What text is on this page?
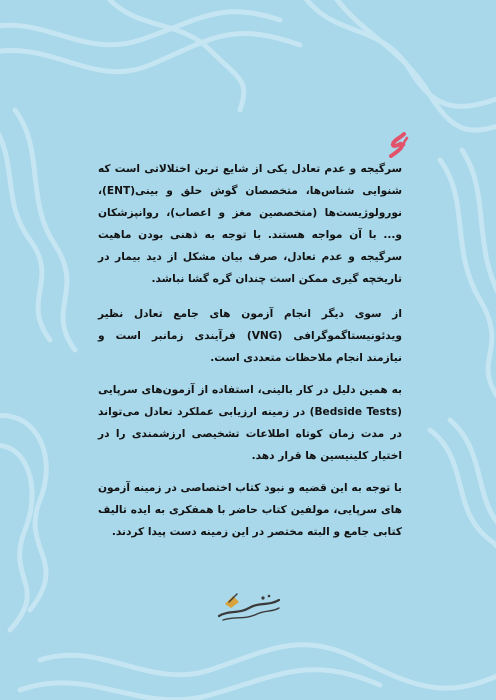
سرگیجه و عدم تعادل یکی از شایع ترین اختلالاتی است که شنوایی شناس‌ها، متخصصان گوش حلق و بینی(ENT)، نورولوژیست‌ها (متخصصین مغز و اعصاب)، روانپزشکان و... با آن مواجه هستند. با توجه به ذهنی بودن ماهیت سرگیجه و عدم تعادل، صرف بیان مشکل از دید بیمار در تاریخچه گیری ممکن است چندان گره گشا نباشد.

از سوی دیگر انجام آزمون های جامع تعادل نظیر ویدئونیستاگموگرافی (VNG) فرآیندی زمانبر است و نیازمند انجام ملاحظات متعددی است.

به همین دلیل در کار بالینی، استفاده از آزمون‌های سرپایی (Bedside Tests) در زمینه ارزیابی عملکرد تعادل می‌تواند در مدت زمان کوتاه اطلاعات تشخیصی ارزشمندی را در اختیار کلینیسین ها قرار دهد.

با توجه به این قضیه و نبود کتاب اختصاصی در زمینه آزمون های سرپایی، مولفین کتاب حاضر با همفکری به ایده تالیف کتابی جامع و البته مختصر در این زمینه دست پیدا کردند.
